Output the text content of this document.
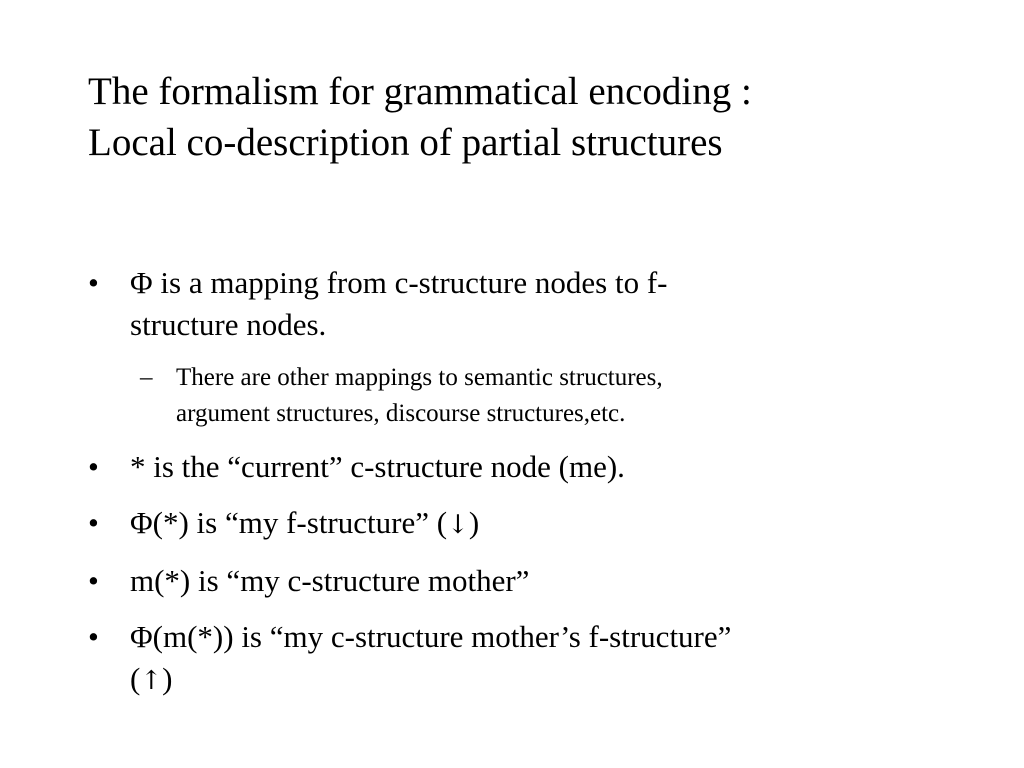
The formalism for grammatical encoding :
Local co-description of partial structures
•	Φ is a mapping from c-structure nodes to f-
structure nodes.
– There are other mappings to semantic structures,
argument structures, discourse structures,etc.
•	* is the “current” c-structure node (me).
•	Φ(*) is “my f-structure” (↓)
•	m(*) is “my c-structure mother”
•	Φ(m(*)) is “my c-structure mother’s f-structure”
(↑)
